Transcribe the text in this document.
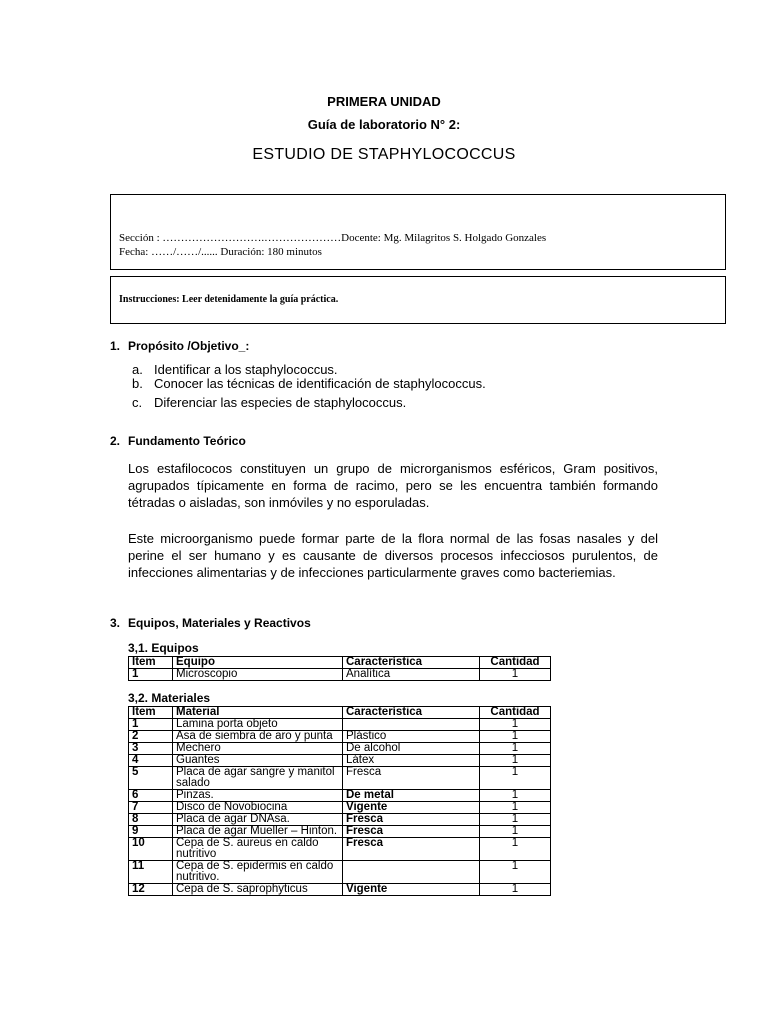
PRIMERA UNIDAD
Guía de laboratorio N° 2:
ESTUDIO DE STAPHYLOCOCCUS
Sección : ……………………….…………………Docente: Mg. Milagritos S. Holgado Gonzales
Fecha: ……/……/...... Duración: 180 minutos
Instrucciones: Leer detenidamente la guía práctica.
1. Propósito /Objetivo_:
a. Identificar a los staphylococcus.
b. Conocer las técnicas de identificación de staphylococcus.
c. Diferenciar las especies de staphylococcus.
2. Fundamento Teórico
Los estafilococos constituyen un grupo de microrganismos esféricos, Gram positivos, agrupados típicamente en forma de racimo, pero se les encuentra también formando tétradas o aisladas, son inmóviles y no esporuladas.
Este microorganismo puede formar parte de la flora normal de las fosas nasales y del perine el ser humano y es causante de diversos procesos infecciosos purulentos, de infecciones alimentarias y de infecciones particularmente graves como bacteriemias.
3. Equipos, Materiales y Reactivos
3,1. Equipos
Item	Equipo	Característica	Cantidad
1	Microscopio	Analítica	1
3,2. Materiales
Item	Material	Característica	Cantidad
1	Lamina porta objeto		1
2	Asa de siembra de aro y punta	Plástico	1
3	Mechero	De alcohol	1
4	Guantes	Látex	1
5	Placa de agar sangre y manitol salado	Fresca	1
6	Pinzas.	De metal	1
7	Disco de Novobiocina	Vigente	1
8	Placa de agar DNAsa.	Fresca	1
9	Placa de agar Mueller – Hinton.	Fresca	1
10	Cepa de S. aureus en caldo nutritivo	Fresca	1
11	Cepa de S. epidermis en caldo nutritivo.		1
12	Cepa de S. saprophyticus	Vigente	1
